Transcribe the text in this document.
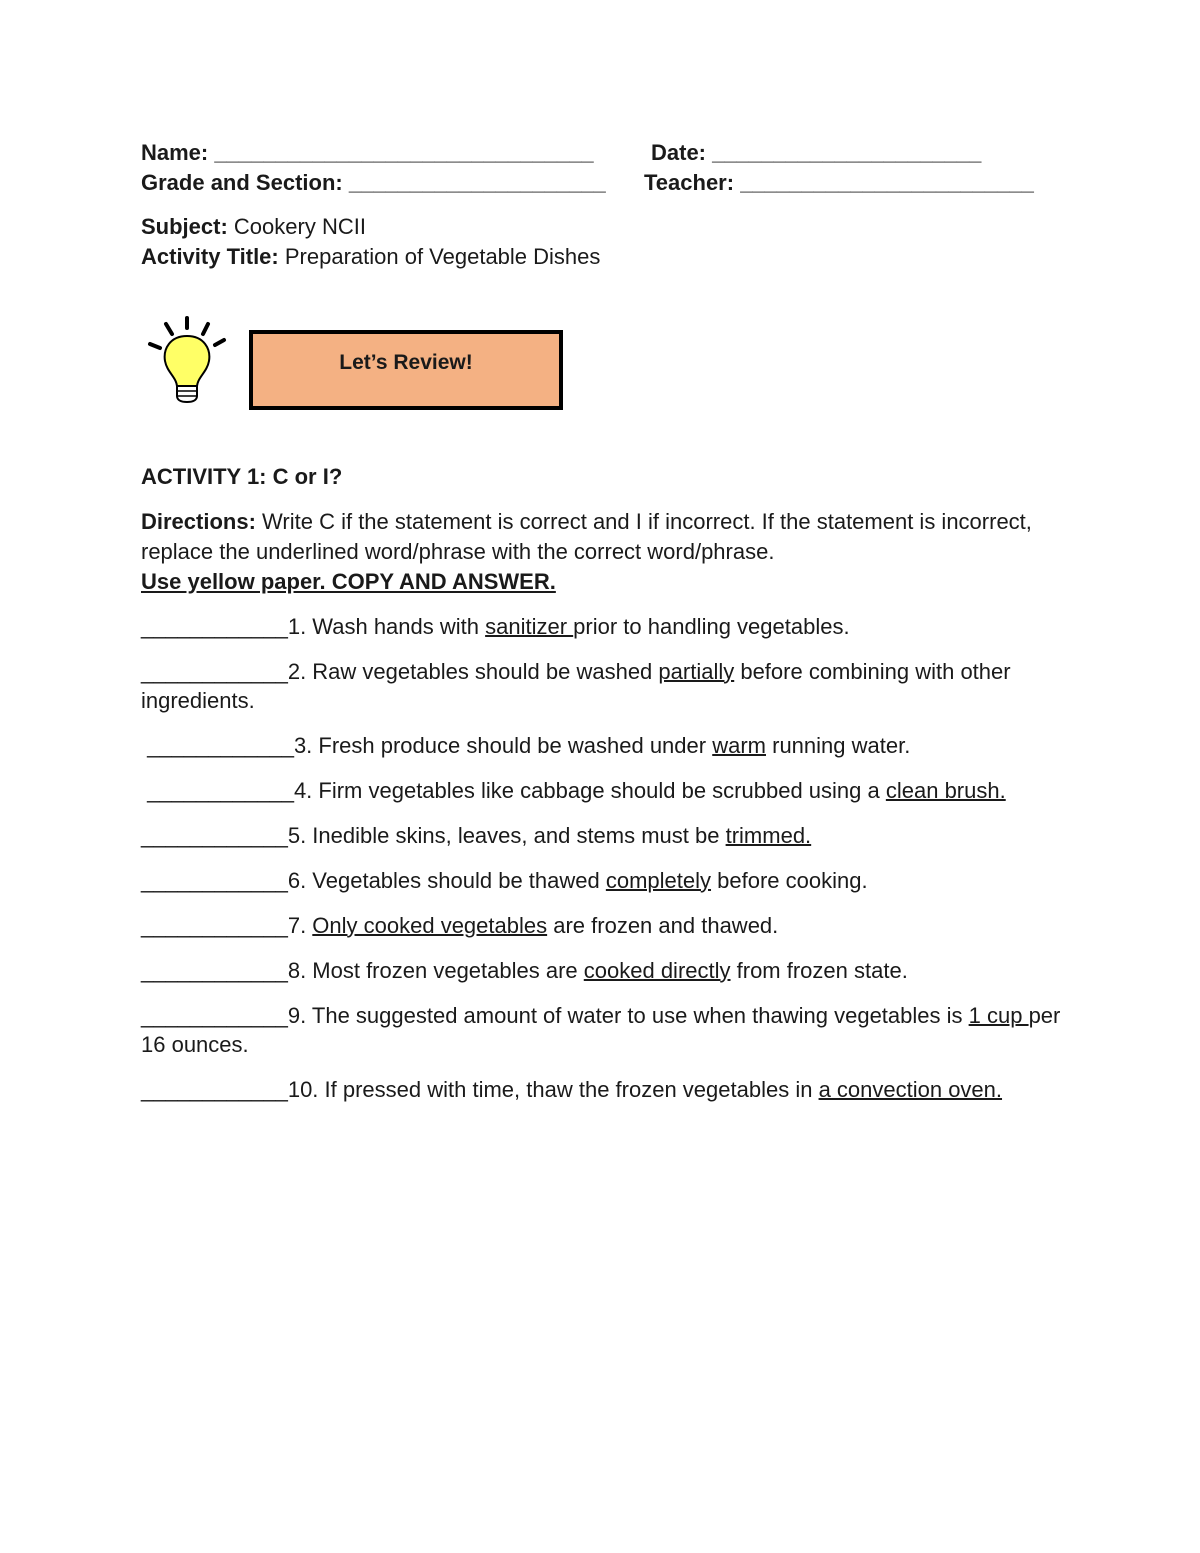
Name: _______________________________	Date: ______________________
Grade and Section: _____________________	Teacher: ________________________
Subject: Cookery NCII
Activity Title: Preparation of Vegetable Dishes
Let’s Review!
ACTIVITY 1: C or I?
Directions: Write C if the statement is correct and I if incorrect. If the statement is incorrect, replace the underlined word/phrase with the correct word/phrase.
Use yellow paper. COPY AND ANSWER.
____________1. Wash hands with sanitizer prior to handling vegetables.
____________2. Raw vegetables should be washed partially before combining with other ingredients.
____________3. Fresh produce should be washed under warm running water.
____________4. Firm vegetables like cabbage should be scrubbed using a clean brush.
____________5. Inedible skins, leaves, and stems must be trimmed.
____________6. Vegetables should be thawed completely before cooking.
____________7. Only cooked vegetables are frozen and thawed.
____________8. Most frozen vegetables are cooked directly from frozen state.
____________9. The suggested amount of water to use when thawing vegetables is 1 cup per 16 ounces.
____________10. If pressed with time, thaw the frozen vegetables in a convection oven.
